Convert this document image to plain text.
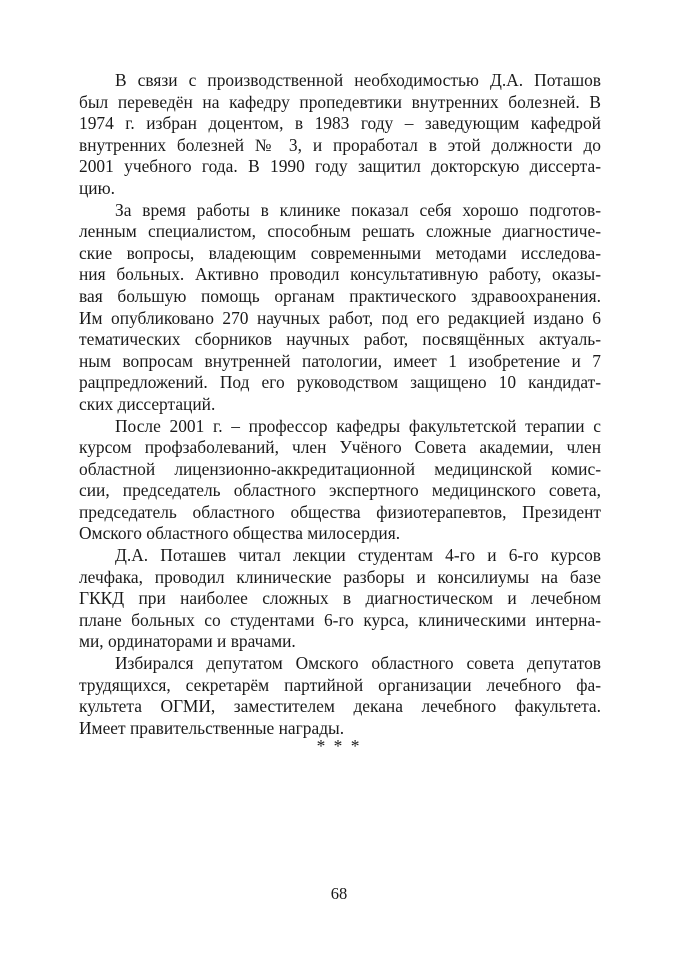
В связи с производственной необходимостью Д.А. Поташов
был переведён на кафедру пропедевтики внутренних болезней. В
1974 г. избран доцентом, в 1983 году – заведующим кафедрой
внутренних болезней № 3, и проработал в этой должности до
2001 учебного года. В 1990 году защитил докторскую диссерта-
цию.
За время работы в клинике показал себя хорошо подготов-
ленным специалистом, способным решать сложные диагностиче-
ские вопросы, владеющим современными методами исследова-
ния больных. Активно проводил консультативную работу, оказы-
вая большую помощь органам практического здравоохранения.
Им опубликовано 270 научных работ, под его редакцией издано 6
тематических сборников научных работ, посвящённых актуаль-
ным вопросам внутренней патологии, имеет 1 изобретение и 7
рацпредложений. Под его руководством защищено 10 кандидат-
ских диссертаций.
После 2001 г. – профессор кафедры факультетской терапии с
курсом профзаболеваний, член Учёного Совета академии, член
областной лицензионно-аккредитационной медицинской комис-
сии, председатель областного экспертного медицинского совета,
председатель областного общества физиотерапевтов, Президент
Омского областного общества милосердия.
Д.А. Поташев читал лекции студентам 4-го и 6-го курсов
лечфака, проводил клинические разборы и консилиумы на базе
ГККД при наиболее сложных в диагностическом и лечебном
плане больных со студентами 6-го курса, клиническими интерна-
ми, ординаторами и врачами.
Избирался депутатом Омского областного совета депутатов
трудящихся, секретарём партийной организации лечебного фа-
культета ОГМИ, заместителем декана лечебного факультета.
Имеет правительственные награды.
* * *
68
